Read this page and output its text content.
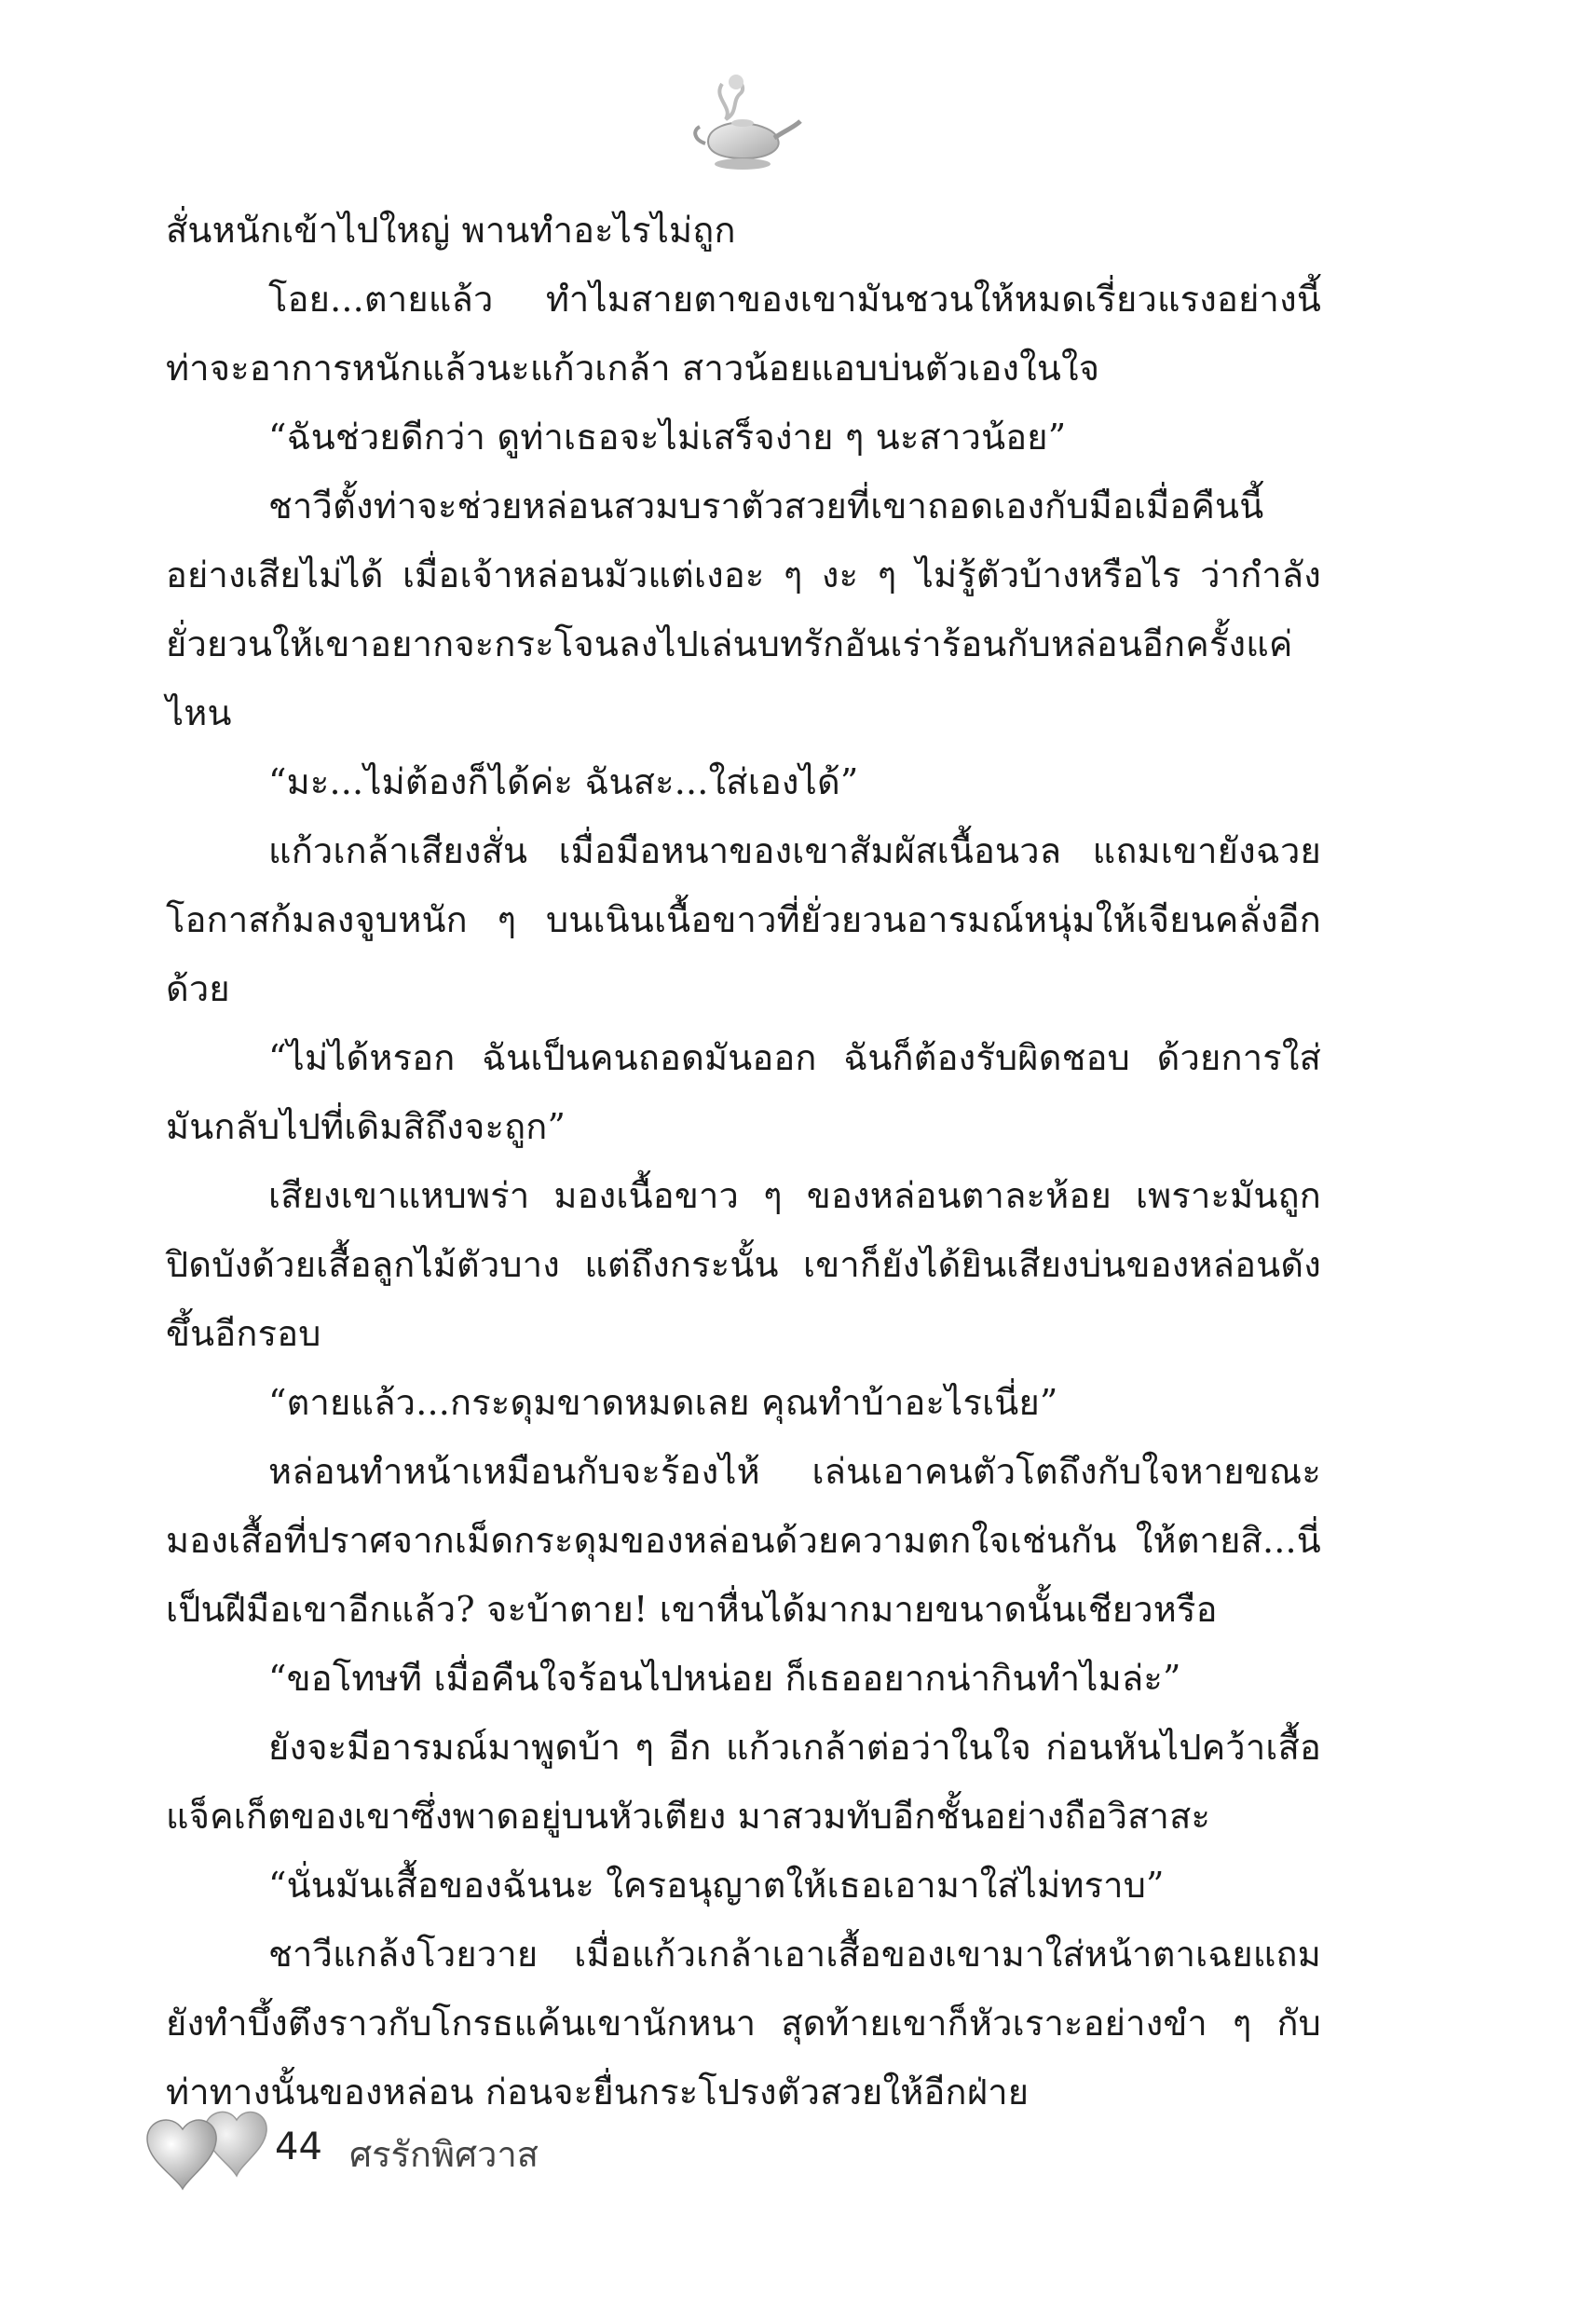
สั่นหนักเข้าไปใหญ่ พานทำอะไรไม่ถูก

โอย...ตายแล้ว ทำไมสายตาของเขามันชวนให้หมดเรี่ยวแรงอย่างนี้ ท่าจะอาการหนักแล้วนะแก้วเกล้า สาวน้อยแอบบ่นตัวเองในใจ

“ฉันช่วยดีกว่า ดูท่าเธอจะไม่เสร็จง่าย ๆ นะสาวน้อย”

ชาวีตั้งท่าจะช่วยหล่อนสวมบราตัวสวยที่เขาถอดเองกับมือเมื่อคืนนี้ อย่างเสียไม่ได้ เมื่อเจ้าหล่อนมัวแต่เงอะ ๆ งะ ๆ ไม่รู้ตัวบ้างหรือไร ว่ากำลังยั่วยวนให้เขาอยากจะกระโจนลงไปเล่นบทรักอันเร่าร้อนกับหล่อนอีกครั้งแค่ไหน

“มะ...ไม่ต้องก็ได้ค่ะ ฉันสะ...ใส่เองได้”

แก้วเกล้าเสียงสั่น เมื่อมือหนาของเขาสัมผัสเนื้อนวล แถมเขายังฉวยโอกาสก้มลงจูบหนัก ๆ บนเนินเนื้อขาวที่ยั่วยวนอารมณ์หนุ่มให้เจียนคลั่งอีกด้วย

“ไม่ได้หรอก ฉันเป็นคนถอดมันออก ฉันก็ต้องรับผิดชอบ ด้วยการใส่มันกลับไปที่เดิมสิถึงจะถูก”

เสียงเขาแหบพร่า มองเนื้อขาว ๆ ของหล่อนตาละห้อย เพราะมันถูกปิดบังด้วยเสื้อลูกไม้ตัวบาง แต่ถึงกระนั้น เขาก็ยังได้ยินเสียงบ่นของหล่อนดังขึ้นอีกรอบ

“ตายแล้ว...กระดุมขาดหมดเลย คุณทำบ้าอะไรเนี่ย”

หล่อนทำหน้าเหมือนกับจะร้องไห้ เล่นเอาคนตัวโตถึงกับใจหายขณะมองเสื้อที่ปราศจากเม็ดกระดุมของหล่อนด้วยความตกใจเช่นกัน ให้ตายสิ...นี่เป็นฝีมือเขาอีกแล้ว? จะบ้าตาย! เขาหื่นได้มากมายขนาดนั้นเชียวหรือ

“ขอโทษที เมื่อคืนใจร้อนไปหน่อย ก็เธออยากน่ากินทำไมล่ะ”

ยังจะมีอารมณ์มาพูดบ้า ๆ อีก แก้วเกล้าต่อว่าในใจ ก่อนหันไปคว้าเสื้อแจ็คเก็ตของเขาซึ่งพาดอยู่บนหัวเตียง มาสวมทับอีกชั้นอย่างถือวิสาสะ

“นั่นมันเสื้อของฉันนะ ใครอนุญาตให้เธอเอามาใส่ไม่ทราบ”

ชาวีแกล้งโวยวาย เมื่อแก้วเกล้าเอาเสื้อของเขามาใส่หน้าตาเฉยแถมยังทำบึ้งตึงราวกับโกรธแค้นเขานักหนา สุดท้ายเขาก็หัวเราะอย่างขำ ๆ กับท่าทางนั้นของหล่อน ก่อนจะยื่นกระโปรงตัวสวยให้อีกฝ่าย

44 ศรรักพิศวาส
